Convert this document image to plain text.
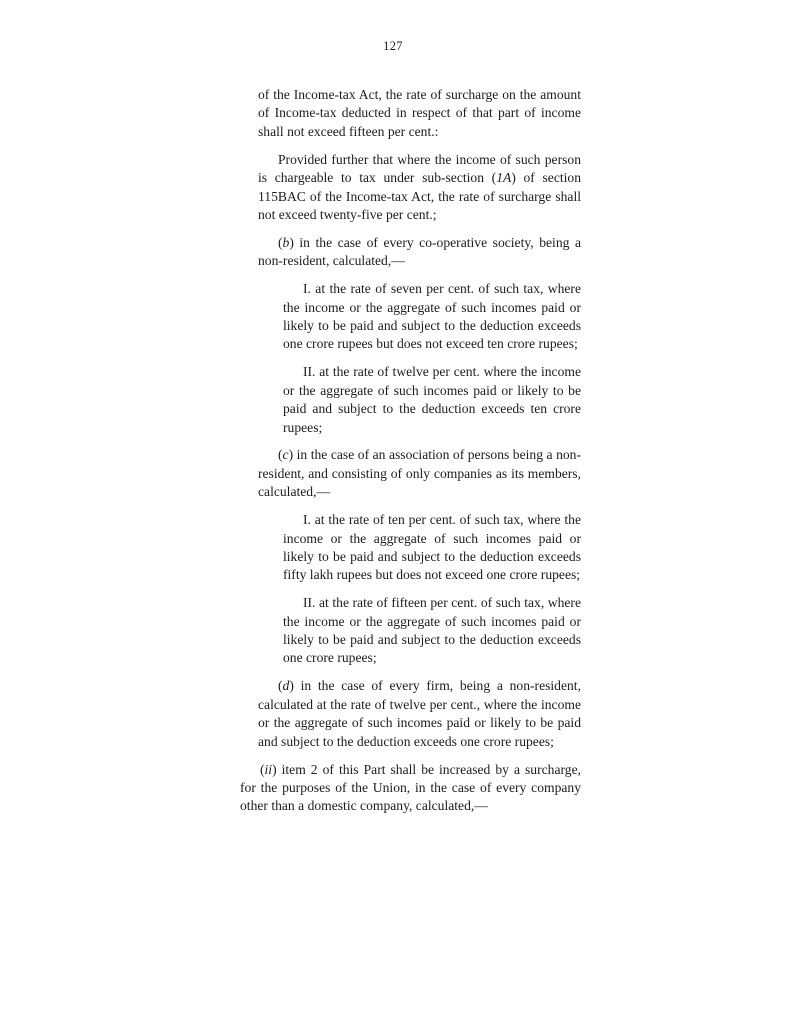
127

of the Income-tax Act, the rate of surcharge on the amount of Income-tax deducted in respect of that part of income shall not exceed fifteen per cent.:

Provided further that where the income of such person is chargeable to tax under sub-section (1A) of section 115BAC of the Income-tax Act, the rate of surcharge shall not exceed twenty-five per cent.;

(b) in the case of every co-operative society, being a non-resident, calculated,—

I. at the rate of seven per cent. of such tax, where the income or the aggregate of such incomes paid or likely to be paid and subject to the deduction exceeds one crore rupees but does not exceed ten crore rupees;

II. at the rate of twelve per cent. where the income or the aggregate of such incomes paid or likely to be paid and subject to the deduction exceeds ten crore rupees;

(c) in the case of an association of persons being a non-resident, and consisting of only companies as its members, calculated,—

I. at the rate of ten per cent. of such tax, where the income or the aggregate of such incomes paid or likely to be paid and subject to the deduction exceeds fifty lakh rupees but does not exceed one crore rupees;

II. at the rate of fifteen per cent. of such tax, where the income or the aggregate of such incomes paid or likely to be paid and subject to the deduction exceeds one crore rupees;

(d) in the case of every firm, being a non-resident, calculated at the rate of twelve per cent., where the income or the aggregate of such incomes paid or likely to be paid and subject to the deduction exceeds one crore rupees;

(ii) item 2 of this Part shall be increased by a surcharge, for the purposes of the Union, in the case of every company other than a domestic company, calculated,—
